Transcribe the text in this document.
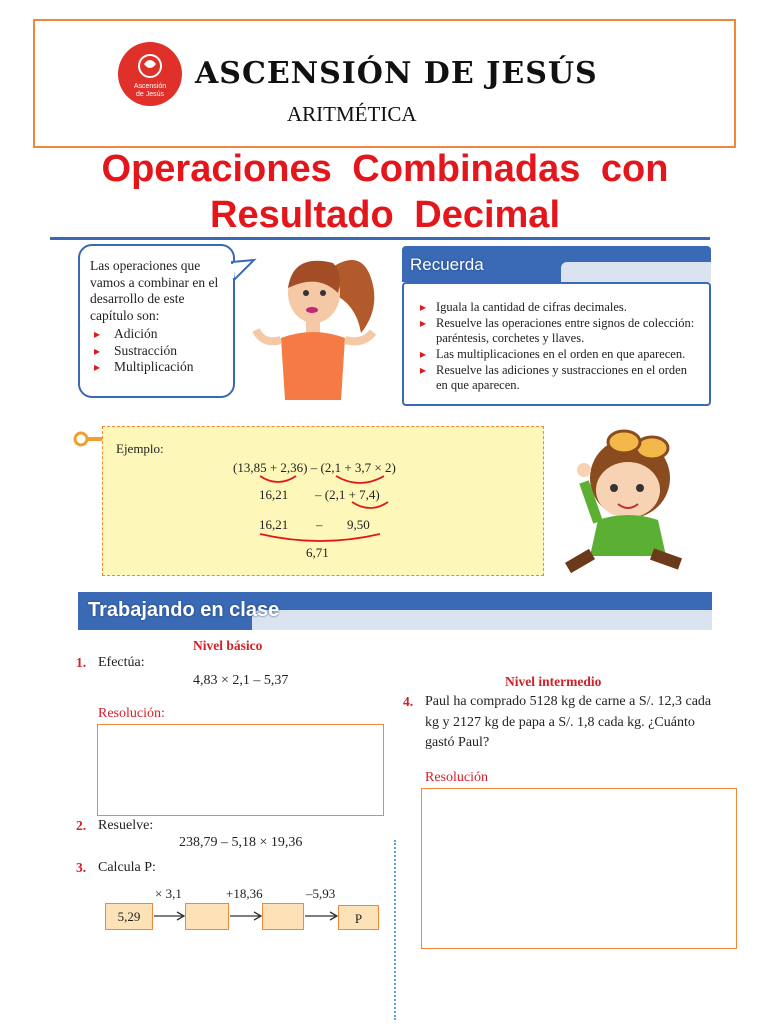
Ascensión
de Jesús
ASCENSIÓN DE JESÚS
ARITMÉTICA
Operaciones Combinadas con
Resultado Decimal
Las operaciones que vamos a combinar en el desarrollo de este capítulo son:
▸ Adición
▸ Sustracción
▸ Multiplicación
Recuerda
▸ Iguala la cantidad de cifras decimales.
▸ Resuelve las operaciones entre signos de colección: paréntesis, corchetes y llaves.
▸ Las multiplicaciones en el orden en que aparecen.
▸ Resuelve las adiciones y sustracciones en el orden en que aparecen.
Ejemplo:
(13,85 + 2,36) – (2,1 + 3,7 × 2)
16,21 – (2,1 + 7,4)
16,21 – 9,50
6,71
Trabajando en clase
Nivel básico
1. Efectúa:
4,83 × 2,1 – 5,37
Resolución:
2. Resuelve:
238,79 – 5,18 × 19,36
3. Calcula P:
× 3,1	+18,36	–5,93
5,29	P
Nivel intermedio
4. Paul ha comprado 5128 kg de carne a S/. 12,3 cada
kg y 2127 kg de papa a S/. 1,8 cada kg. ¿Cuánto
gastó Paul?
Resolución
